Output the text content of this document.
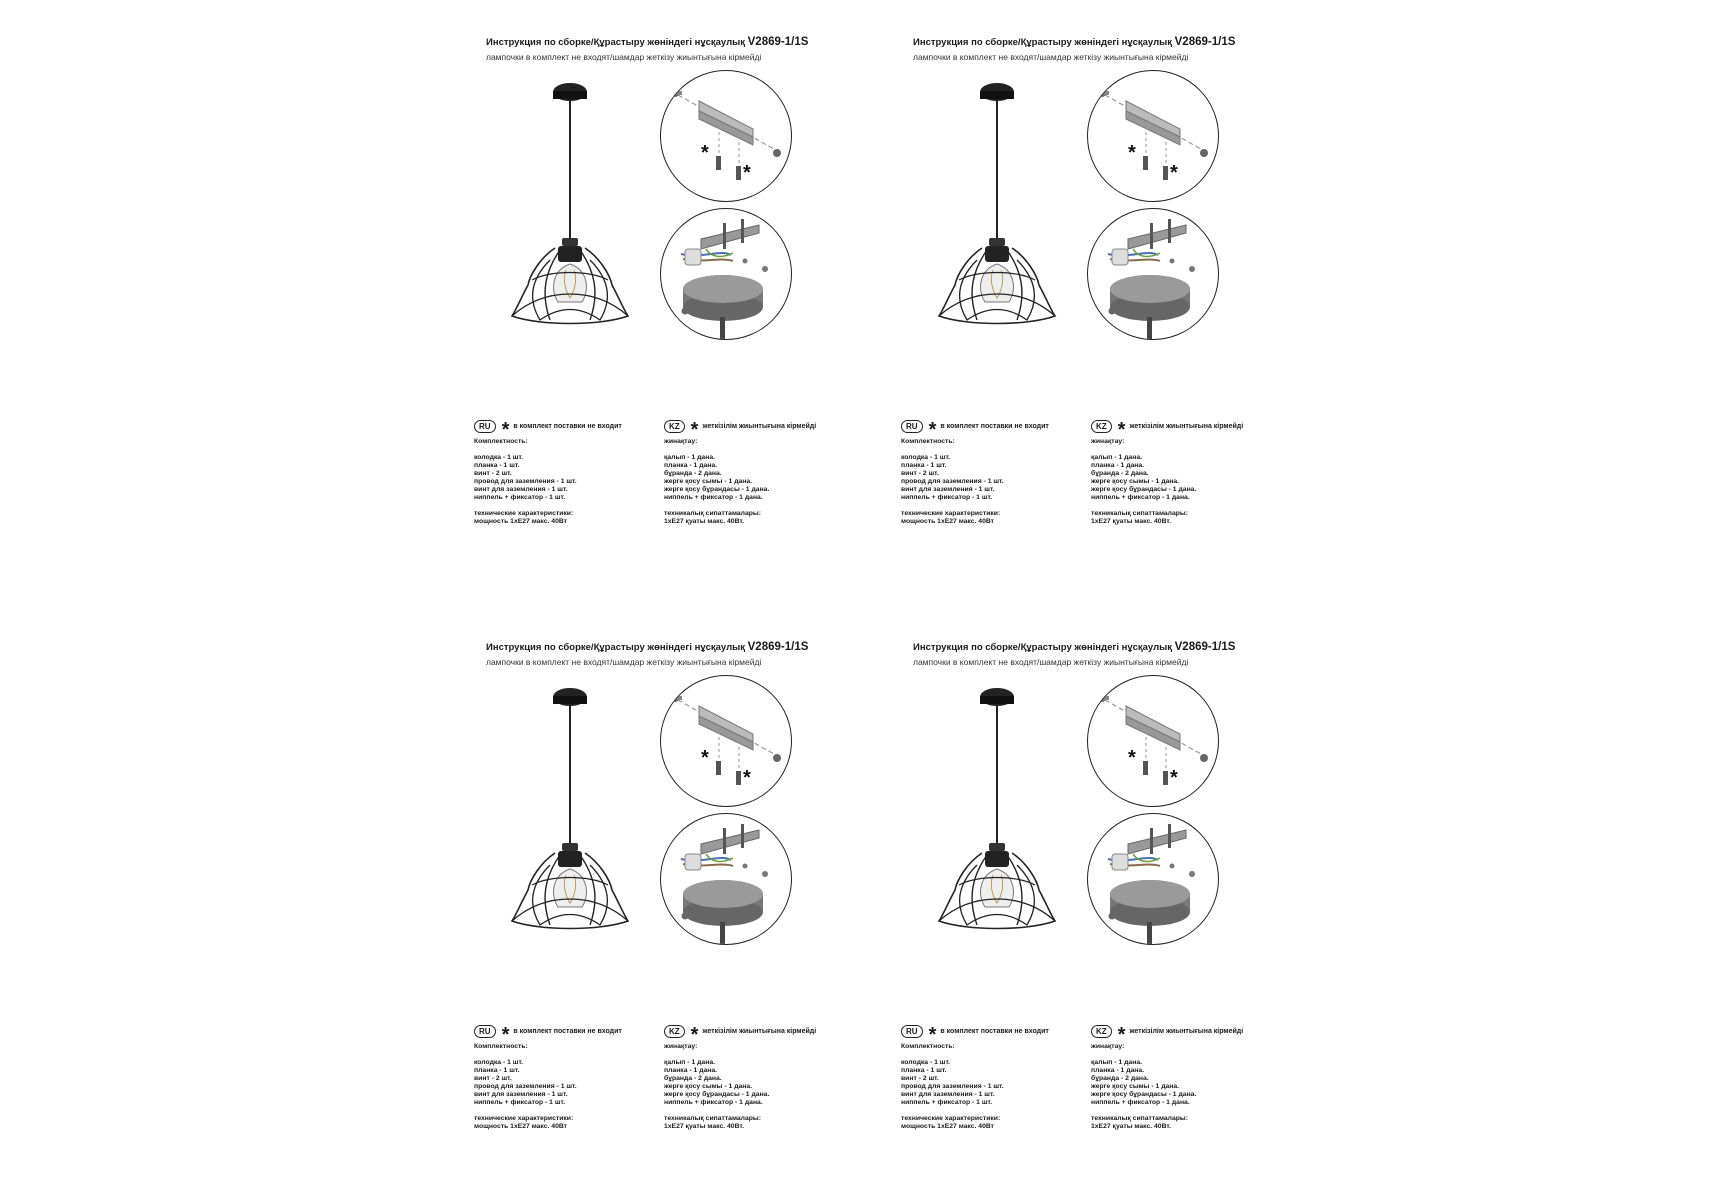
Инструкция по сборке/Құрастыру жөніндегі нұсқаулық V2869-1/1S
лампочки в комплект не входят/шамдар жеткізу жиынтығына кірмейді
*
*
RU * в комплект поставки не входит
Комплектность:
колодка - 1 шт.
планка - 1 шт.
винт - 2 шт.
провод для заземления - 1 шт.
винт для заземления - 1 шт.
ниппель + фиксатор - 1 шт.
технические характеристики:
мощность 1хЕ27 макс. 40Вт
KZ * жеткізілім жиынтығына кірмейді
жинақтау:
қалып - 1 дана.
планка - 1 дана.
бұранда - 2 дана.
жерге қосу сымы - 1 дана.
жерге қосу бұрандасы - 1 дана.
ниппель + фиксатор - 1 дана.
техникалық сипаттамалары:
1хЕ27 қуаты макс. 40Вт.
Инструкция по сборке/Құрастыру жөніндегі нұсқаулық V2869-1/1S
лампочки в комплект не входят/шамдар жеткізу жиынтығына кірмейді
*
*
RU * в комплект поставки не входит
Комплектность:
колодка - 1 шт.
планка - 1 шт.
винт - 2 шт.
провод для заземления - 1 шт.
винт для заземления - 1 шт.
ниппель + фиксатор - 1 шт.
технические характеристики:
мощность 1хЕ27 макс. 40Вт
KZ * жеткізілім жиынтығына кірмейді
жинақтау:
қалып - 1 дана.
планка - 1 дана.
бұранда - 2 дана.
жерге қосу сымы - 1 дана.
жерге қосу бұрандасы - 1 дана.
ниппель + фиксатор - 1 дана.
техникалық сипаттамалары:
1хЕ27 қуаты макс. 40Вт.
Инструкция по сборке/Құрастыру жөніндегі нұсқаулық V2869-1/1S
лампочки в комплект не входят/шамдар жеткізу жиынтығына кірмейді
*
*
RU * в комплект поставки не входит
Комплектность:
колодка - 1 шт.
планка - 1 шт.
винт - 2 шт.
провод для заземления - 1 шт.
винт для заземления - 1 шт.
ниппель + фиксатор - 1 шт.
технические характеристики:
мощность 1хЕ27 макс. 40Вт
KZ * жеткізілім жиынтығына кірмейді
жинақтау:
қалып - 1 дана.
планка - 1 дана.
бұранда - 2 дана.
жерге қосу сымы - 1 дана.
жерге қосу бұрандасы - 1 дана.
ниппель + фиксатор - 1 дана.
техникалық сипаттамалары:
1хЕ27 қуаты макс. 40Вт.
Инструкция по сборке/Құрастыру жөніндегі нұсқаулық V2869-1/1S
лампочки в комплект не входят/шамдар жеткізу жиынтығына кірмейді
*
*
RU * в комплект поставки не входит
Комплектность:
колодка - 1 шт.
планка - 1 шт.
винт - 2 шт.
провод для заземления - 1 шт.
винт для заземления - 1 шт.
ниппель + фиксатор - 1 шт.
технические характеристики:
мощность 1хЕ27 макс. 40Вт
KZ * жеткізілім жиынтығына кірмейді
жинақтау:
қалып - 1 дана.
планка - 1 дана.
бұранда - 2 дана.
жерге қосу сымы - 1 дана.
жерге қосу бұрандасы - 1 дана.
ниппель + фиксатор - 1 дана.
техникалық сипаттамалары:
1хЕ27 қуаты макс. 40Вт.
